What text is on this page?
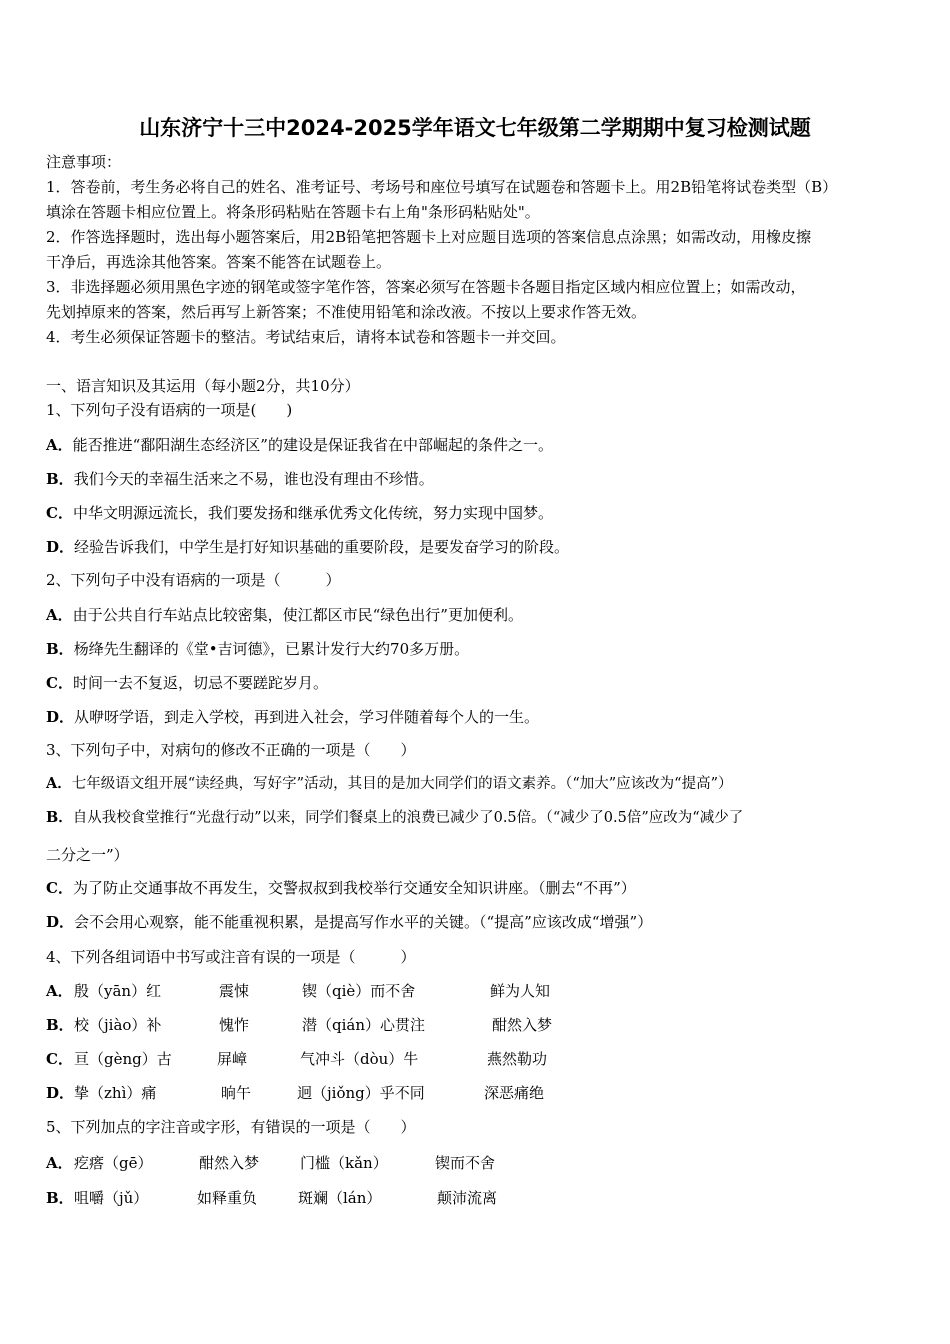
山东济宁十三中2024-2025学年语文七年级第二学期期中复习检测试题
注意事项：
1．答卷前，考生务必将自己的姓名、准考证号、考场号和座位号填写在试题卷和答题卡上。用2B铅笔将试卷类型（B）
填涂在答题卡相应位置上。将条形码粘贴在答题卡右上角"条形码粘贴处"。
2．作答选择题时，选出每小题答案后，用2B铅笔把答题卡上对应题目选项的答案信息点涂黑；如需改动，用橡皮擦
干净后，再选涂其他答案。答案不能答在试题卷上。
3．非选择题必须用黑色字迹的钢笔或签字笔作答，答案必须写在答题卡各题目指定区域内相应位置上；如需改动，
先划掉原来的答案，然后再写上新答案；不准使用铅笔和涂改液。不按以上要求作答无效。
4．考生必须保证答题卡的整洁。考试结束后，请将本试卷和答题卡一并交回。
一、语言知识及其运用（每小题2分，共10分）
1、下列句子没有语病的一项是(　　)
A．能否推进“鄱阳湖生态经济区”的建设是保证我省在中部崛起的条件之一。
B．我们今天的幸福生活来之不易，谁也没有理由不珍惜。
C．中华文明源远流长，我们要发扬和继承优秀文化传统，努力实现中国梦。
D．经验告诉我们，中学生是打好知识基础的重要阶段，是要发奋学习的阶段。
2、下列句子中没有语病的一项是（　　　）
A．由于公共自行车站点比较密集，使江都区市民“绿色出行”更加便利。
B．杨绛先生翻译的《堂•吉诃德》，已累计发行大约70多万册。
C．时间一去不复返，切忌不要蹉跎岁月。
D．从咿呀学语，到走入学校，再到进入社会，学习伴随着每个人的一生。
3、下列句子中，对病句的修改不正确的一项是（　　）
A．七年级语文组开展“读经典，写好字”活动，其目的是加大同学们的语文素养。（“加大”应该改为“提高”）
B．自从我校食堂推行“光盘行动”以来，同学们餐桌上的浪费已减少了0.5倍。（“减少了0.5倍”应改为“减少了
二分之一”）
C．为了防止交通事故不再发生，交警叔叔到我校举行交通安全知识讲座。（删去“不再”）
D．会不会用心观察，能不能重视积累，是提高写作水平的关键。（“提高”应该改成“增强”）
4、下列各组词语中书写或注音有误的一项是（　　　）
A． 殷（yān）红	震悚	锲（qiè）而不舍	鲜为人知
B． 校（jiào）补	愧怍	潜（qián）心贯注	酣然入梦
C． 亘（gèng）古	屏嶂	气冲斗（dòu）牛	燕然勒功
D． 挚（zhì）痛	晌午	迥（jiǒng）乎不同	深恶痛绝
5、下列加点的字注音或字形，有错误的一项是（　　）
A． 疙瘩（gē）	酣然入梦	门槛（kǎn）	锲而不舍
B． 咀嚼（jǔ）	如释重负	斑斓（lán）	颠沛流离
